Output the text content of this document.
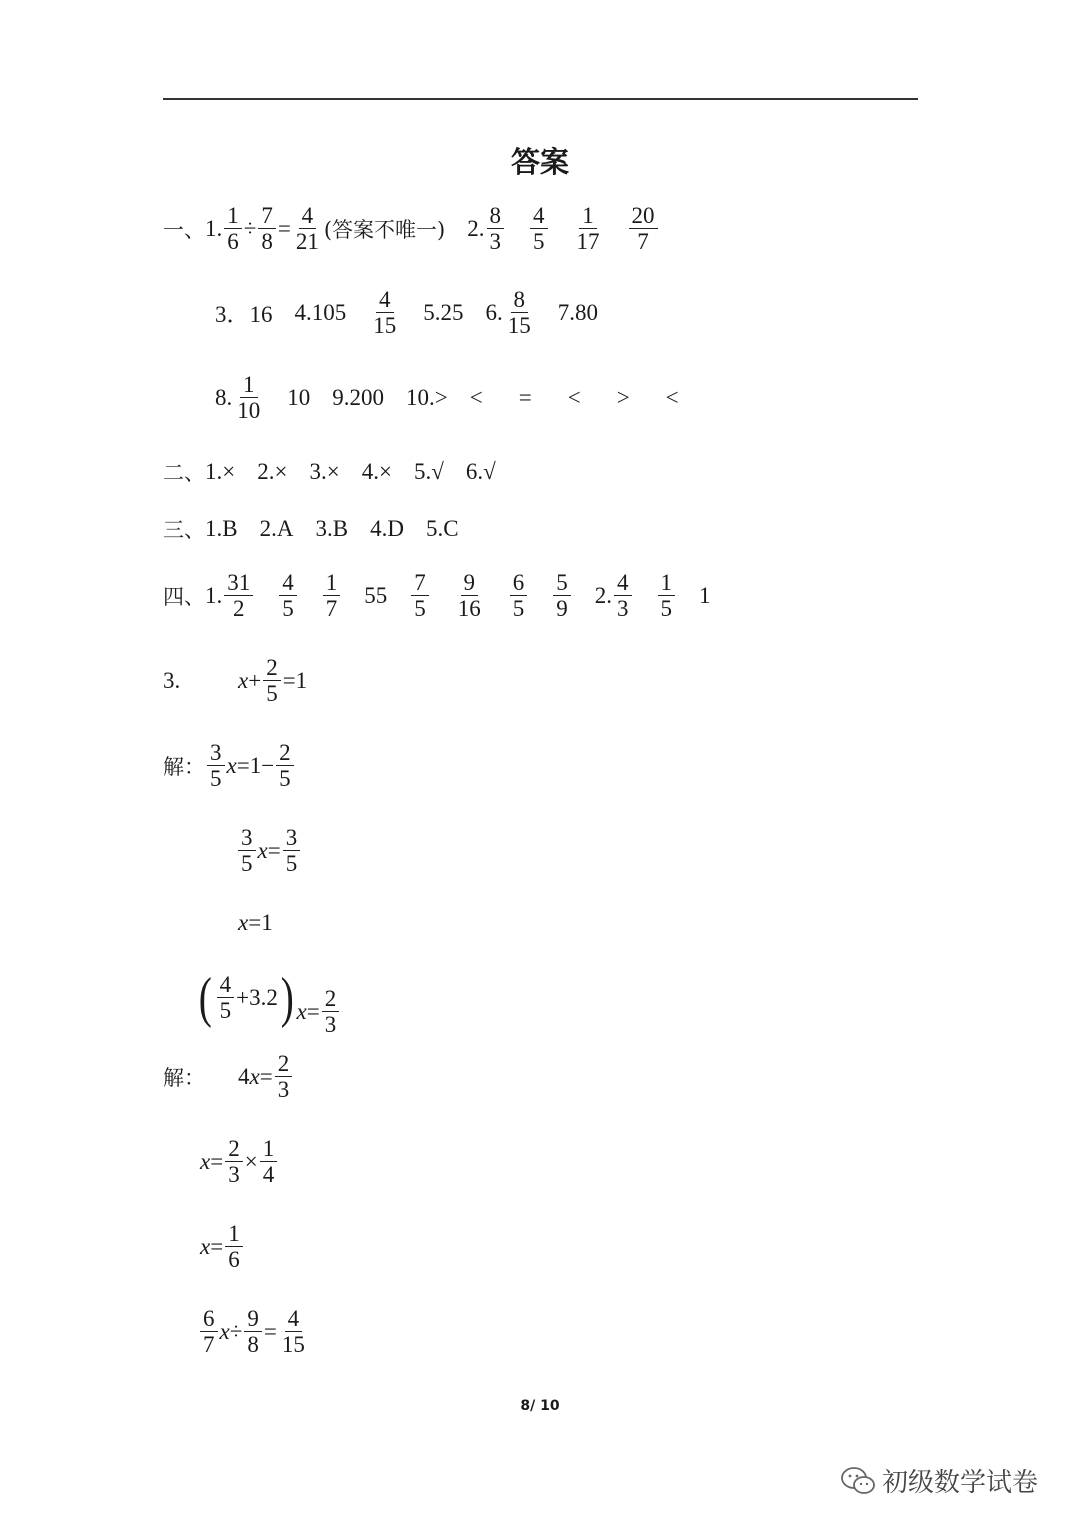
答案
一、 1. $\frac{1}{6} \div \frac{7}{8} = \frac{4}{21}$ (答案不唯一) 2. $\frac{8}{3} \frac{4}{5} \frac{1}{17} \frac{20}{7}$
3．16 $4.105 \frac{4}{15} 5.25$ 6. $\frac{8}{15} 7.80$
8. $\frac{1}{10} 10$ 9.200 10.> < = < > <
二、 1.× 2.× 3.× 4.× 5.√ 6.√
三、 1.B 2.A 3.B 4.D 5.C
四、 1. $\frac{31}{2} \frac{4}{5} \frac{1}{7} 55 \frac{7}{5} \frac{9}{16} \frac{6}{5} \frac{5}{9} 2$. $\frac{4}{3} \frac{1}{5} 1$
3.	$x + \frac{2}{5} =1$
解： $\frac{3}{5}$ $x =1- \frac{2}{5}$
$\frac{3}{5}$ $x = \frac{3}{5}$
x =1
( $\frac{4}{5} +3.2$ ) $x = \frac{2}{3}$
解：	4 $x = \frac{2}{3}$
$x = \frac{2}{3} \times \frac{1}{4}$
$x = \frac{1}{6}$
$\frac{6}{7}$ $x \div \frac{9}{8} = \frac{4}{15}$
8/ 10
初级数学试卷
